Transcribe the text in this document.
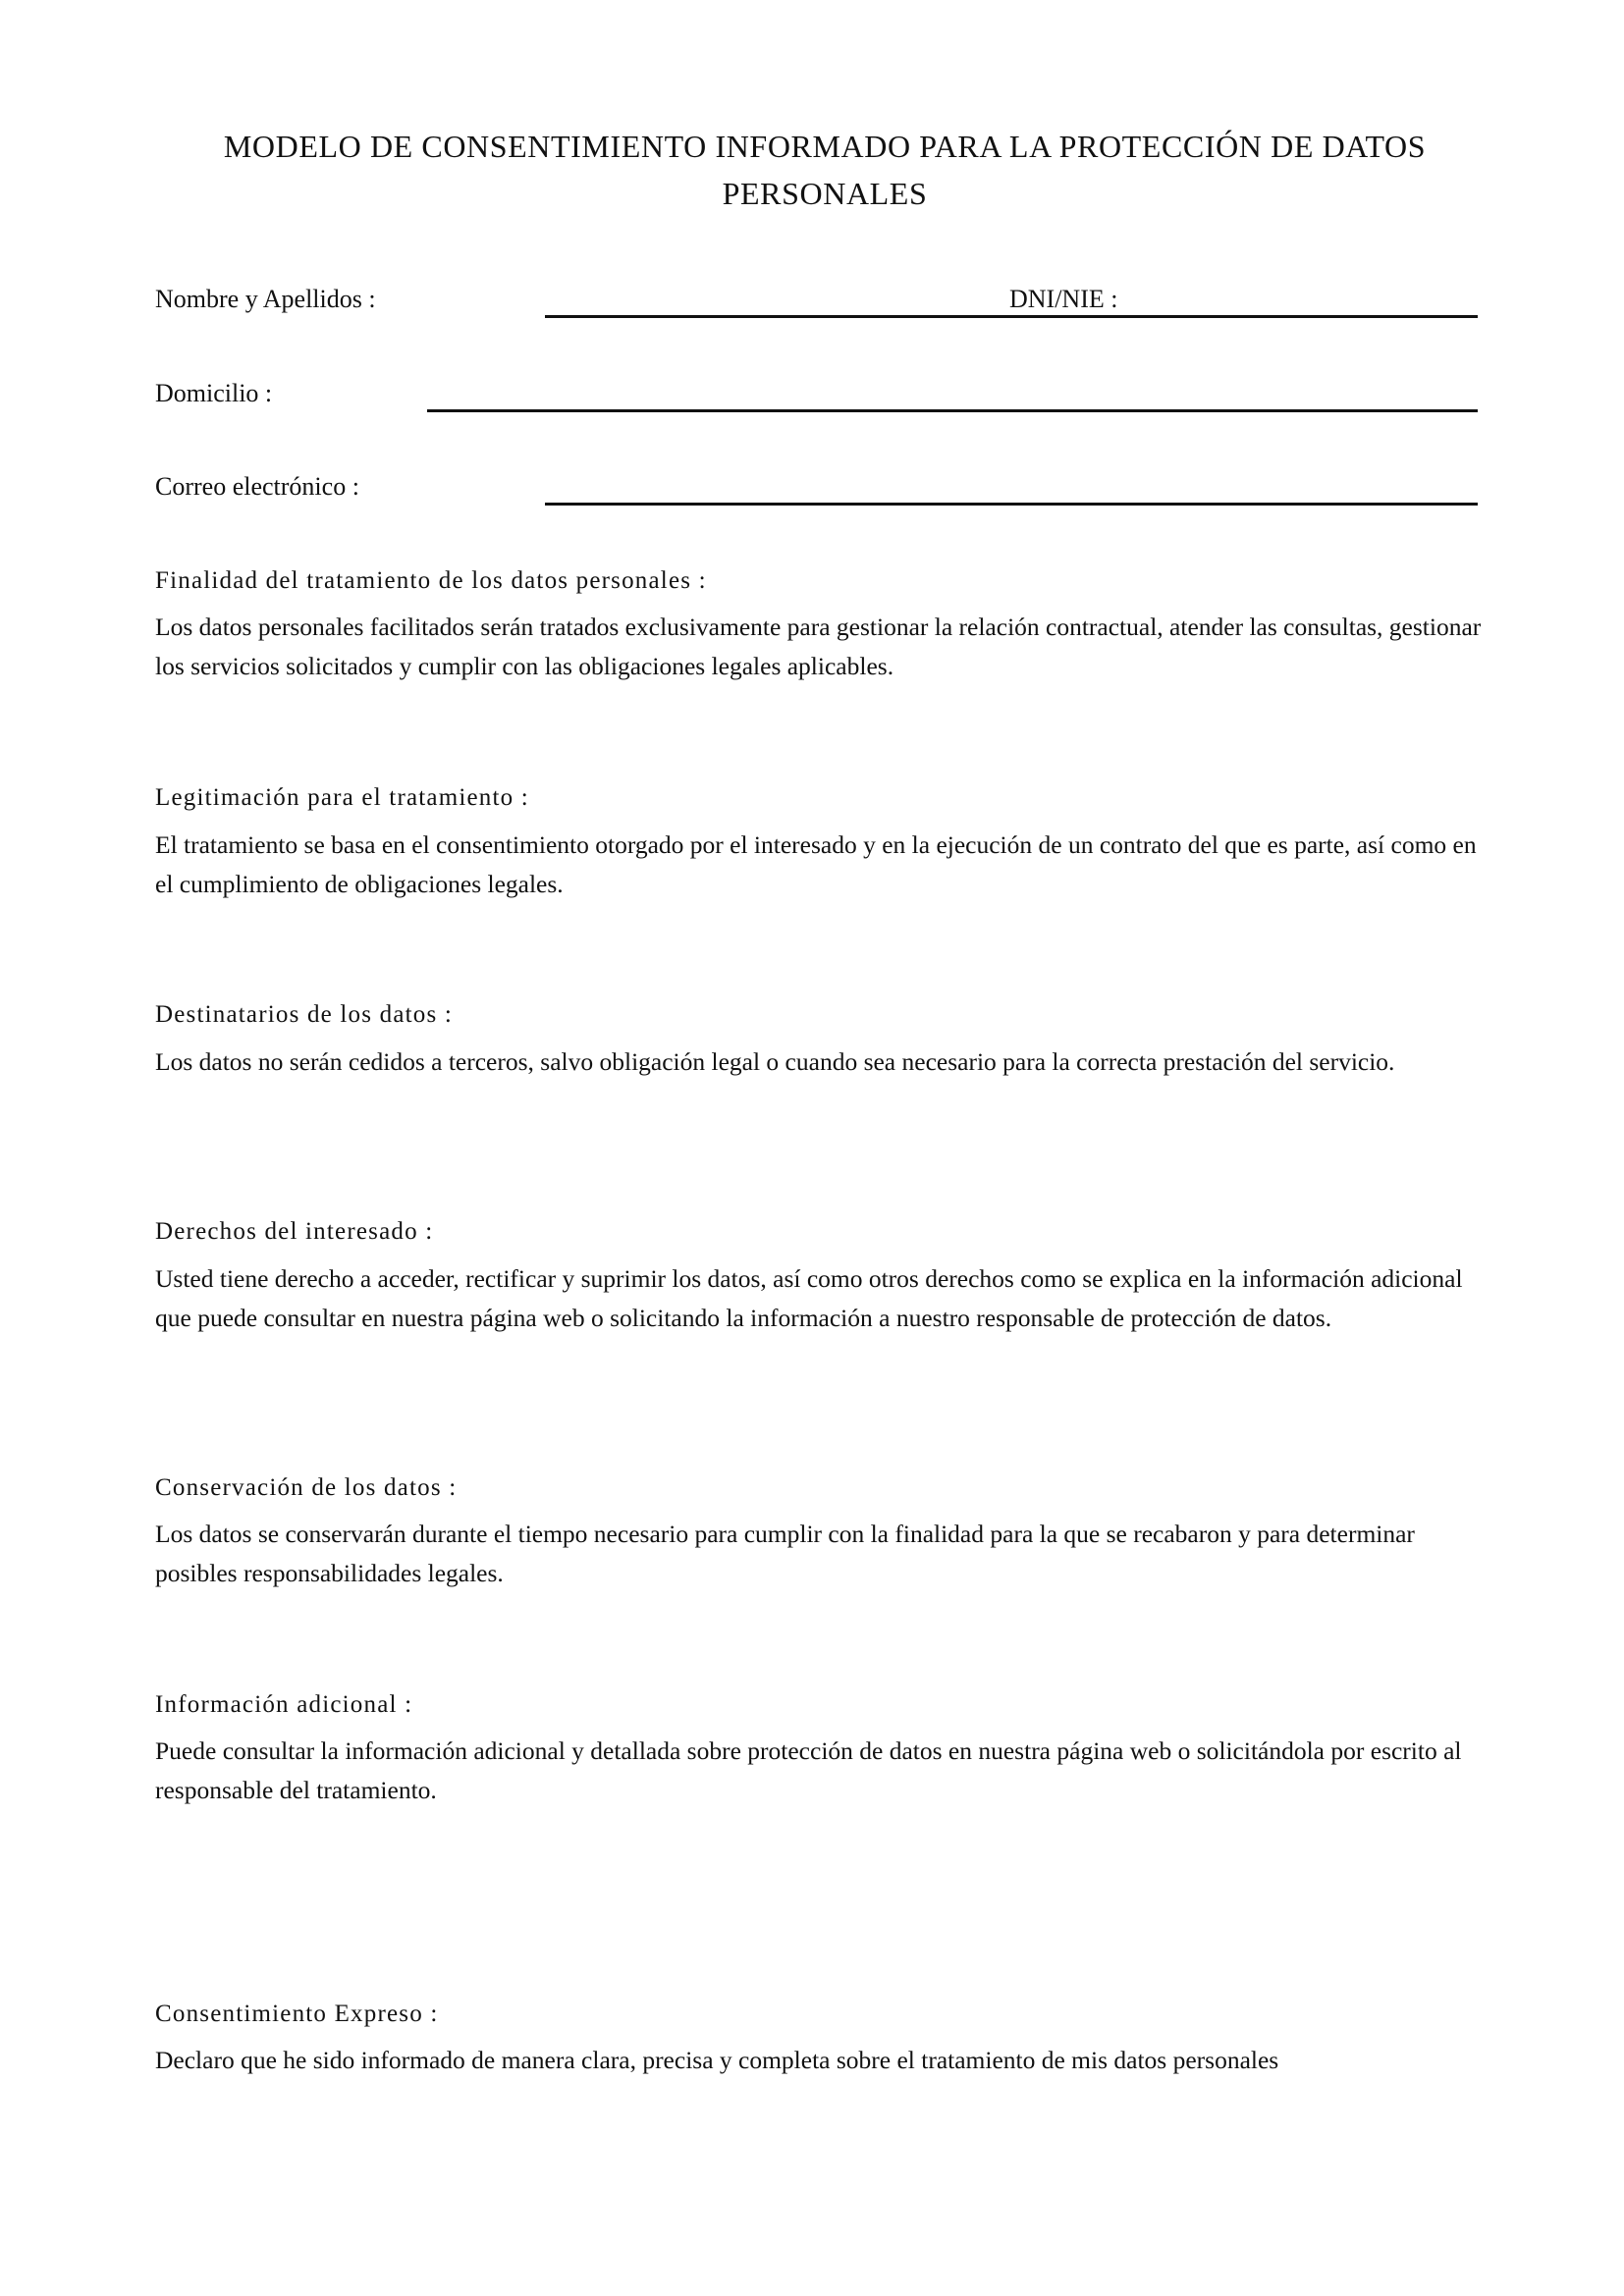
MODELO DE CONSENTIMIENTO INFORMADO PARA LA PROTECCIÓN DE DATOS PERSONALES
Nombre y Apellidos :	DNI/NIE :
Domicilio :
Correo electrónico :
Finalidad del tratamiento de los datos personales :

Los datos personales facilitados serán tratados exclusivamente para gestionar la relación contractual, atender las consultas, gestionar los servicios solicitados y cumplir con las obligaciones legales aplicables.

Legitimación para el tratamiento :

El tratamiento se basa en el consentimiento otorgado por el interesado y en la ejecución de un contrato del que es parte, así como en el cumplimiento de obligaciones legales.

Destinatarios de los datos :

Los datos no serán cedidos a terceros, salvo obligación legal o cuando sea necesario para la correcta prestación del servicio.

Derechos del interesado :

Usted tiene derecho a acceder, rectificar y suprimir los datos, así como otros derechos como se explica en la información adicional que puede consultar en nuestra página web o solicitando la información a nuestro responsable de protección de datos.

Conservación de los datos :

Los datos se conservarán durante el tiempo necesario para cumplir con la finalidad para la que se recabaron y para determinar posibles responsabilidades legales.

Información adicional :

Puede consultar la información adicional y detallada sobre protección de datos en nuestra página web o solicitándola por escrito al responsable del tratamiento.

Consentimiento Expreso :

Declaro que he sido informado de manera clara, precisa y completa sobre el tratamiento de mis datos personales
